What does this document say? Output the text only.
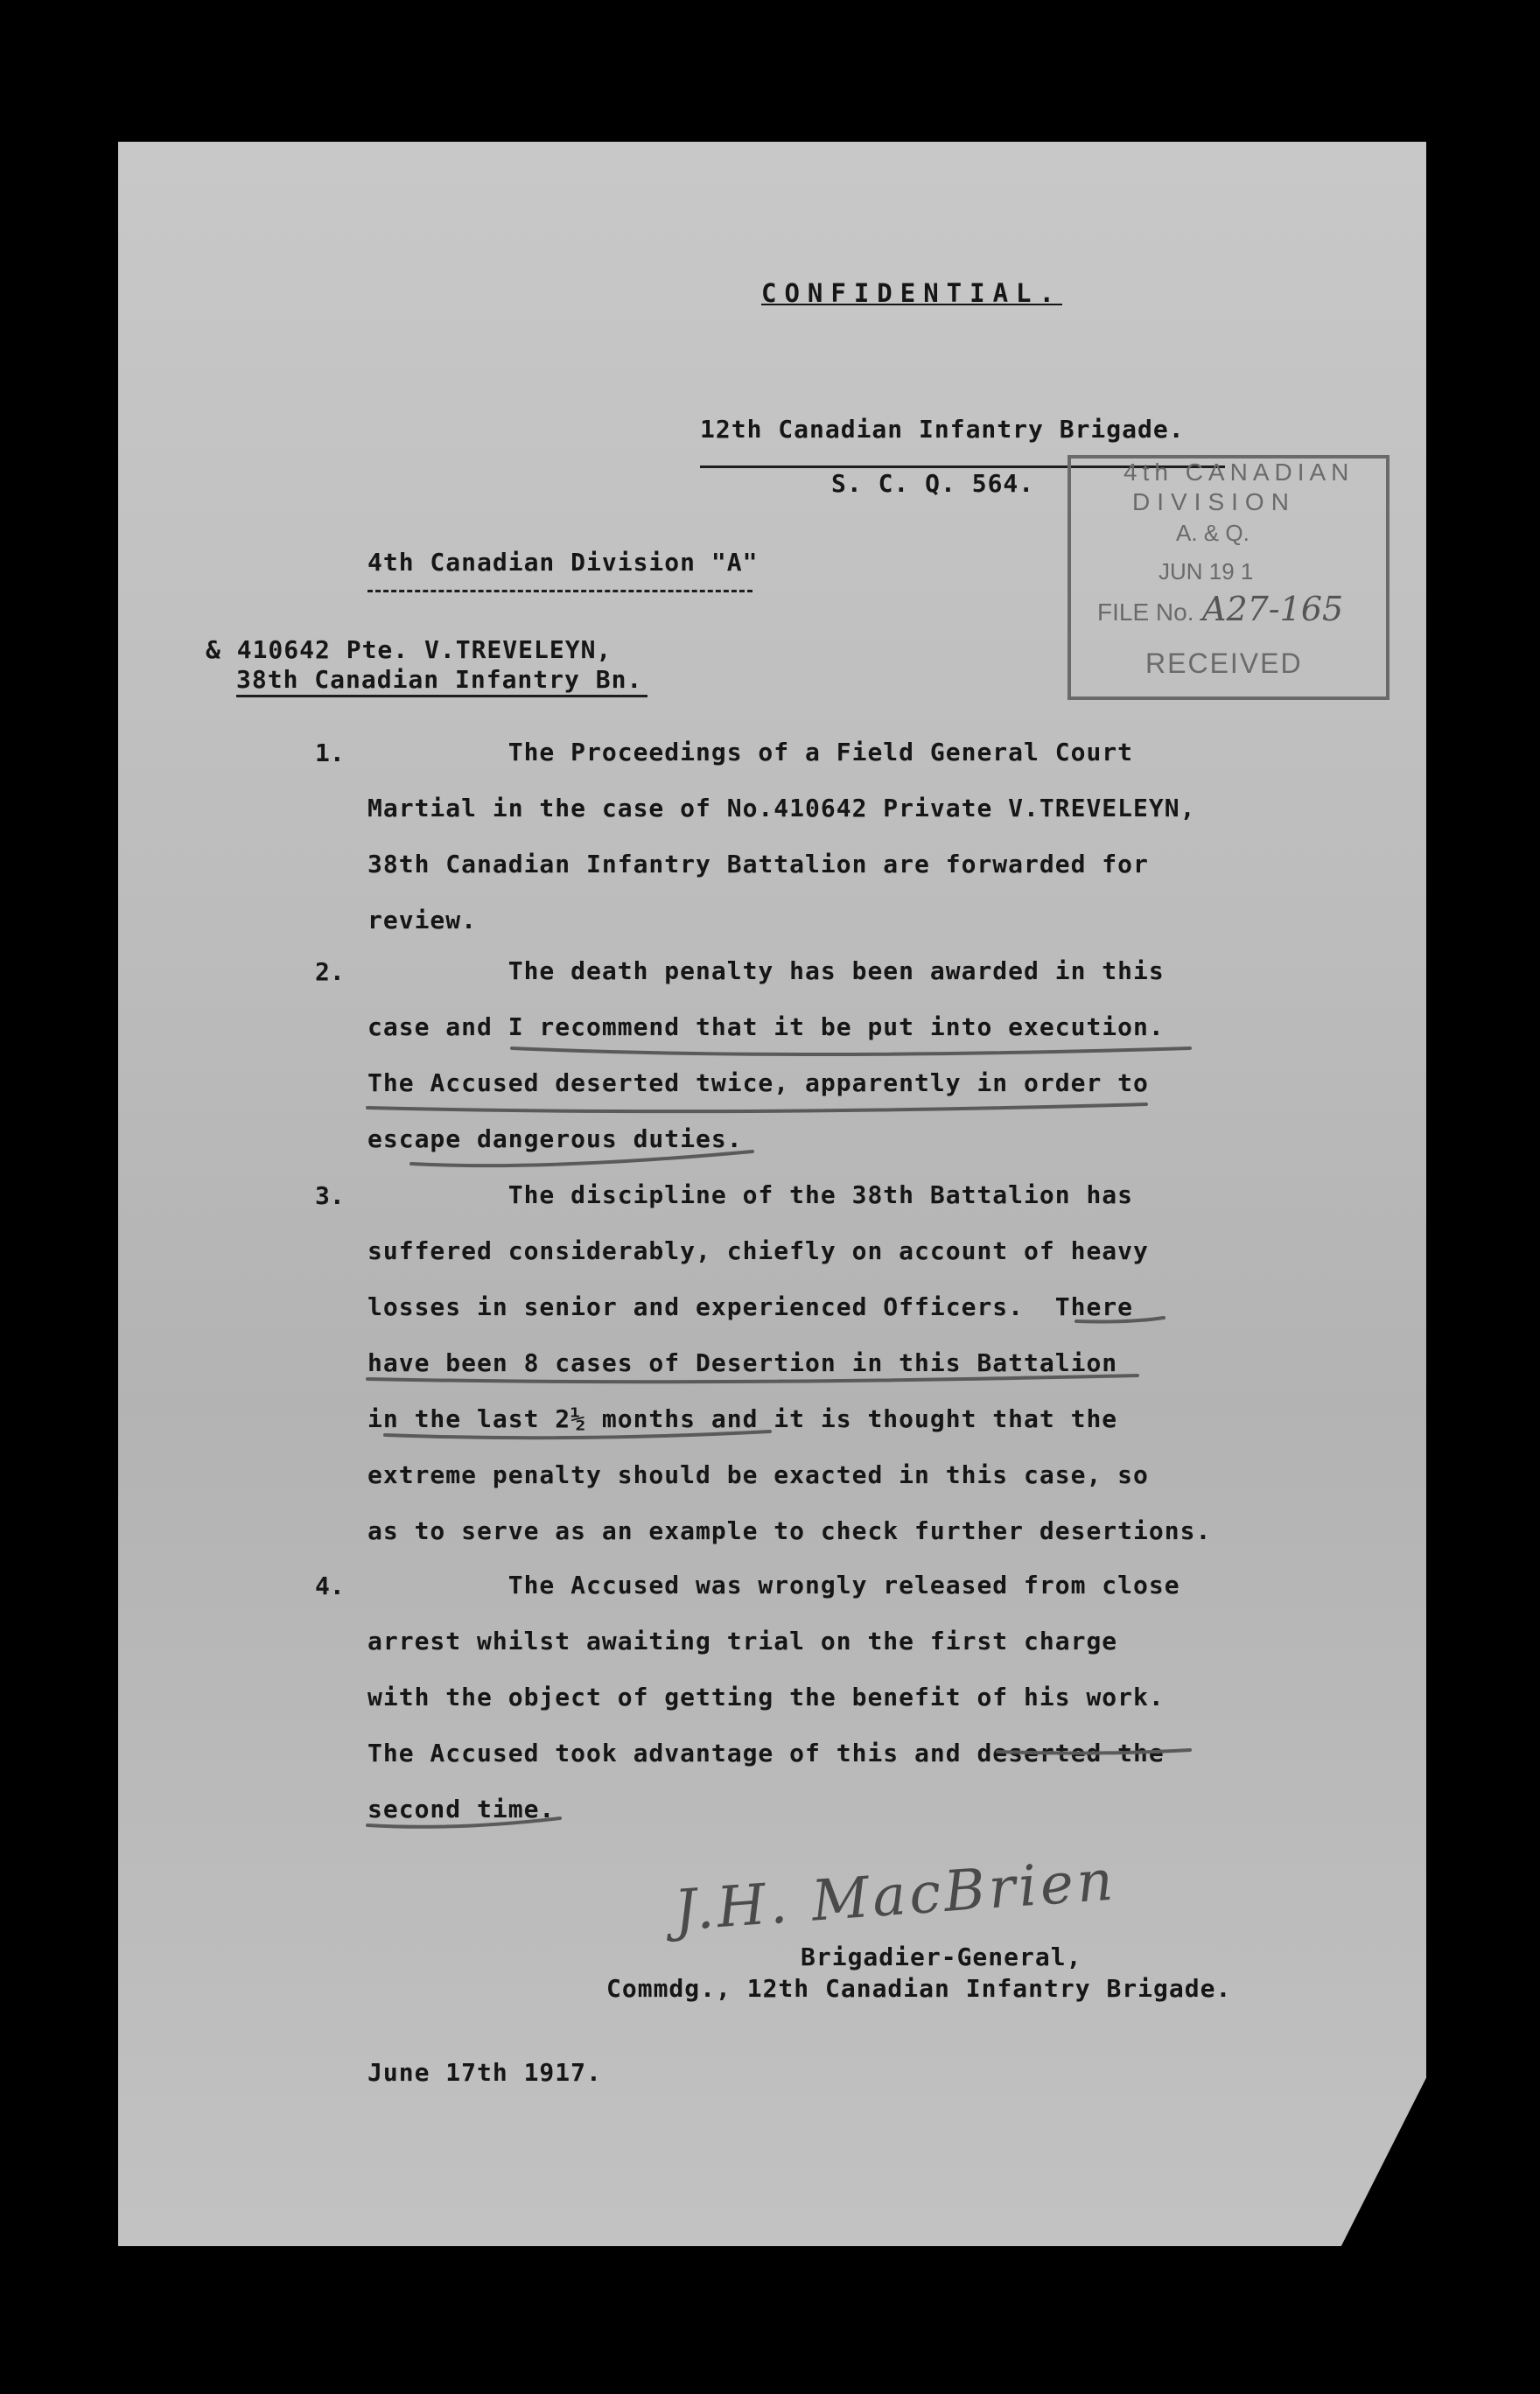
CONFIDENTIAL.
12th Canadian Infantry Brigade.
S. C. Q. 564.
4th Canadian Division "A"
& 410642 Pte. V.TREVELEYN,
38th Canadian Infantry Bn.
4th CANADIAN
DIVISION
A. & Q.
JUN 19 1
FILE No. A27-165
RECEIVED
1. The Proceedings of a Field General Court
Martial in the case of No.410642 Private V.TREVELEYN,
38th Canadian Infantry Battalion are forwarded for
review.
2. The death penalty has been awarded in this
case and I recommend that it be put into execution.
The Accused deserted twice, apparently in order to
escape dangerous duties.
3. The discipline of the 38th Battalion has
suffered considerably, chiefly on account of heavy
losses in senior and experienced Officers.  There
have been 8 cases of Desertion in this Battalion
in the last 2½ months and it is thought that the
extreme penalty should be exacted in this case, so
as to serve as an example to check further desertions.
4. The Accused was wrongly released from close
arrest whilst awaiting trial on the first charge
with the object of getting the benefit of his work.
The Accused took advantage of this and deserted the
second time.
J.H. MacBrien
Brigadier-General,
Commdg., 12th Canadian Infantry Brigade.
June 17th 1917.
